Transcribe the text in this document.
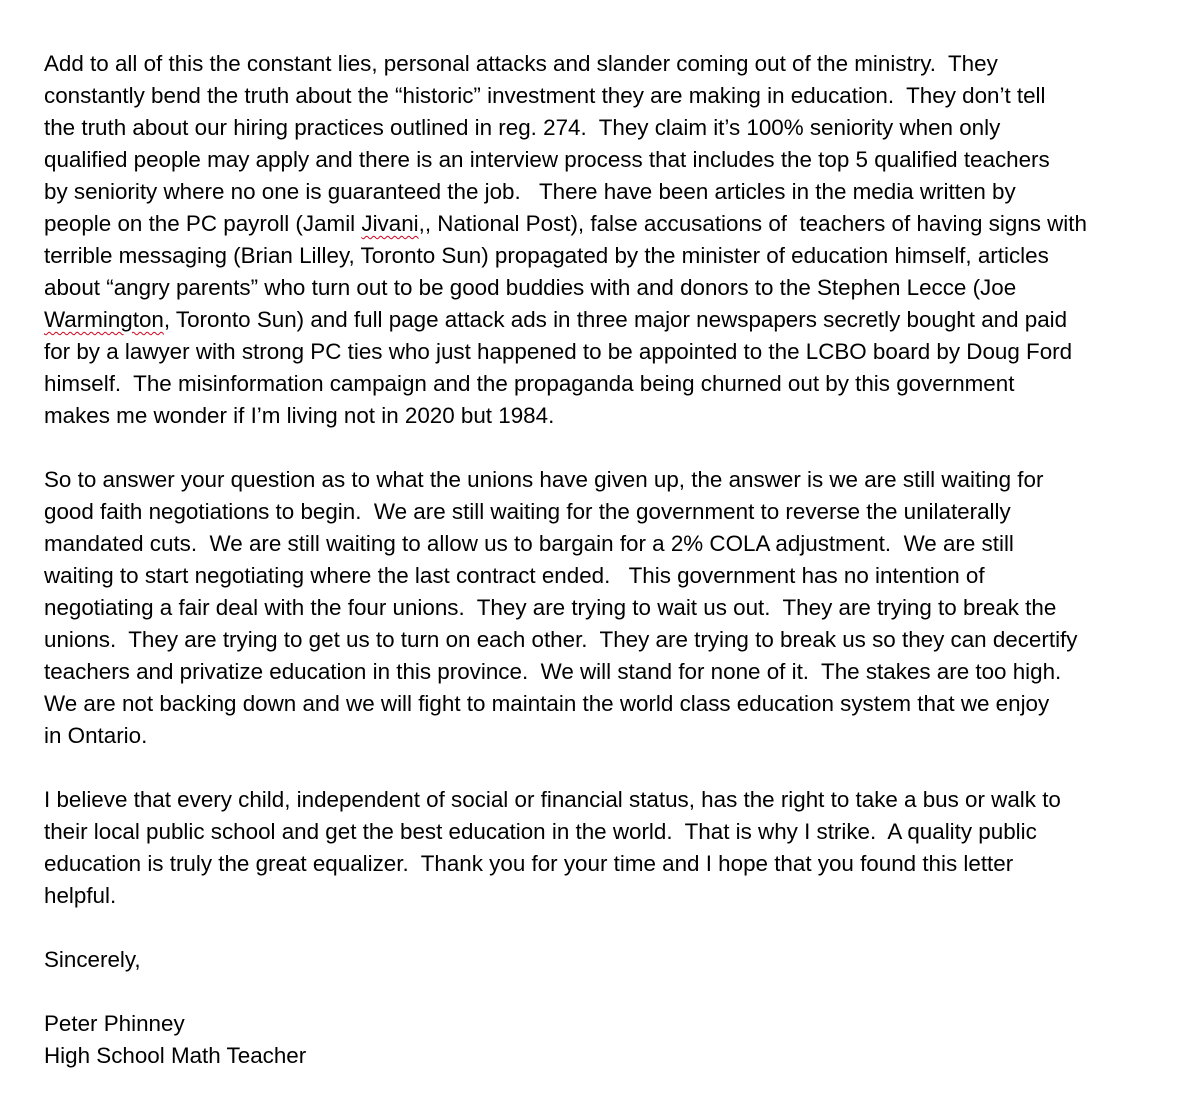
Add to all of this the constant lies, personal attacks and slander coming out of the ministry.  They
constantly bend the truth about the “historic” investment they are making in education.  They don’t tell
the truth about our hiring practices outlined in reg. 274.  They claim it’s 100% seniority when only
qualified people may apply and there is an interview process that includes the top 5 qualified teachers
by seniority where no one is guaranteed the job.   There have been articles in the media written by
people on the PC payroll (Jamil Jivani,, National Post), false accusations of  teachers of having signs with
terrible messaging (Brian Lilley, Toronto Sun) propagated by the minister of education himself, articles
about “angry parents” who turn out to be good buddies with and donors to the Stephen Lecce (Joe
Warmington, Toronto Sun) and full page attack ads in three major newspapers secretly bought and paid
for by a lawyer with strong PC ties who just happened to be appointed to the LCBO board by Doug Ford
himself.  The misinformation campaign and the propaganda being churned out by this government
makes me wonder if I’m living not in 2020 but 1984.
So to answer your question as to what the unions have given up, the answer is we are still waiting for
good faith negotiations to begin.  We are still waiting for the government to reverse the unilaterally
mandated cuts.  We are still waiting to allow us to bargain for a 2% COLA adjustment.  We are still
waiting to start negotiating where the last contract ended.   This government has no intention of
negotiating a fair deal with the four unions.  They are trying to wait us out.  They are trying to break the
unions.  They are trying to get us to turn on each other.  They are trying to break us so they can decertify
teachers and privatize education in this province.  We will stand for none of it.  The stakes are too high.
We are not backing down and we will fight to maintain the world class education system that we enjoy
in Ontario.
I believe that every child, independent of social or financial status, has the right to take a bus or walk to
their local public school and get the best education in the world.  That is why I strike.  A quality public
education is truly the great equalizer.  Thank you for your time and I hope that you found this letter
helpful.
Sincerely,
Peter Phinney
High School Math Teacher
